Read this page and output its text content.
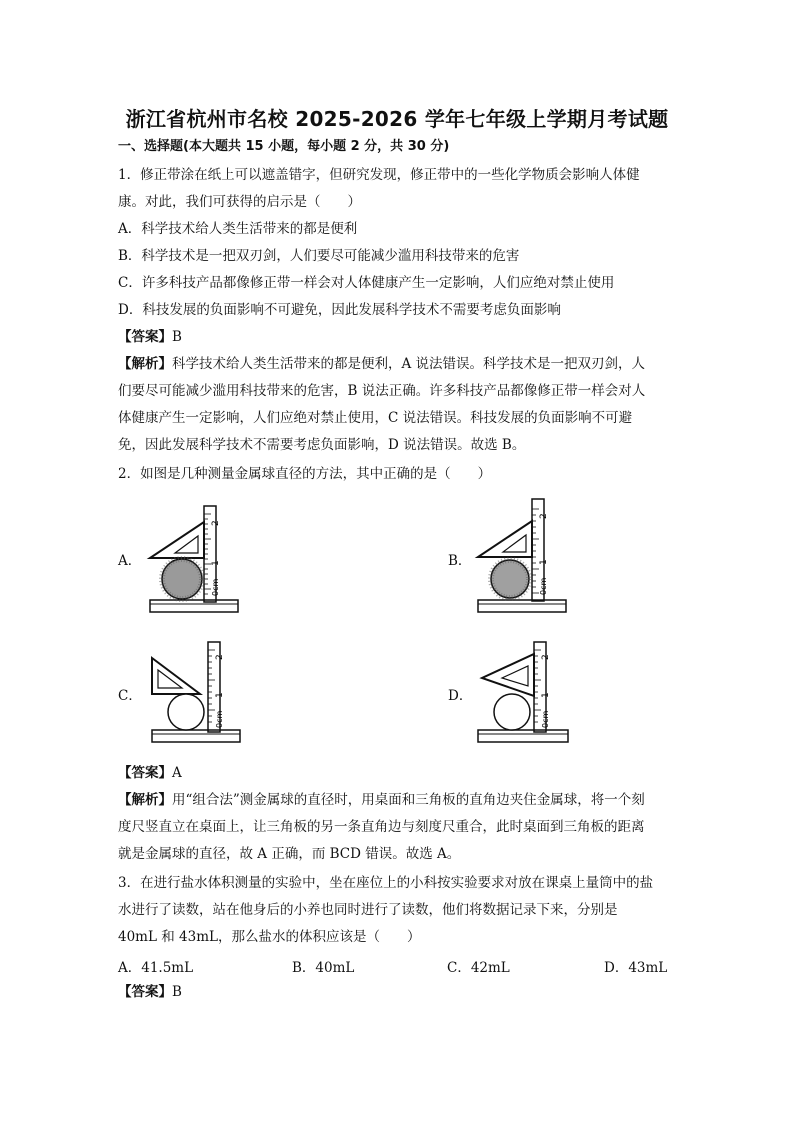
浙江省杭州市名校 2025-2026 学年七年级上学期月考试题
一、选择题(本大题共 15 小题，每小题 2 分，共 30 分)
1．修正带涂在纸上可以遮盖错字，但研究发现，修正带中的一些化学物质会影响人体健
康。对此，我们可获得的启示是（　　）
A．科学技术给人类生活带来的都是便利
B．科学技术是一把双刃剑，人们要尽可能减少滥用科技带来的危害
C．许多科技产品都像修正带一样会对人体健康产生一定影响，人们应绝对禁止使用
D．科技发展的负面影响不可避免，因此发展科学技术不需要考虑负面影响
【答案】B
【解析】科学技术给人类生活带来的都是便利，A 说法错误。科学技术是一把双刃剑，人
们要尽可能减少滥用科技带来的危害，B 说法正确。许多科技产品都像修正带一样会对人
体健康产生一定影响，人们应绝对禁止使用，C 说法错误。科技发展的负面影响不可避
免，因此发展科学技术不需要考虑负面影响，D 说法错误。故选 B。
2．如图是几种测量金属球直径的方法，其中正确的是（　　）
A．
0cm
1
2
B．
0cm
1
2
C．
0cm
1
2
D．
0cm
1
2
【答案】A
【解析】用“组合法”测金属球的直径时，用桌面和三角板的直角边夹住金属球，将一个刻
度尺竖直立在桌面上，让三角板的另一条直角边与刻度尺重合，此时桌面到三角板的距离
就是金属球的直径，故 A 正确，而 BCD 错误。故选 A。
3．在进行盐水体积测量的实验中，坐在座位上的小科按实验要求对放在课桌上量筒中的盐
水进行了读数，站在他身后的小养也同时进行了读数，他们将数据记录下来，分别是
40mL 和 43mL，那么盐水的体积应该是（　　）
A．41.5mL	B．40mL	C．42mL	D．43mL
【答案】B
